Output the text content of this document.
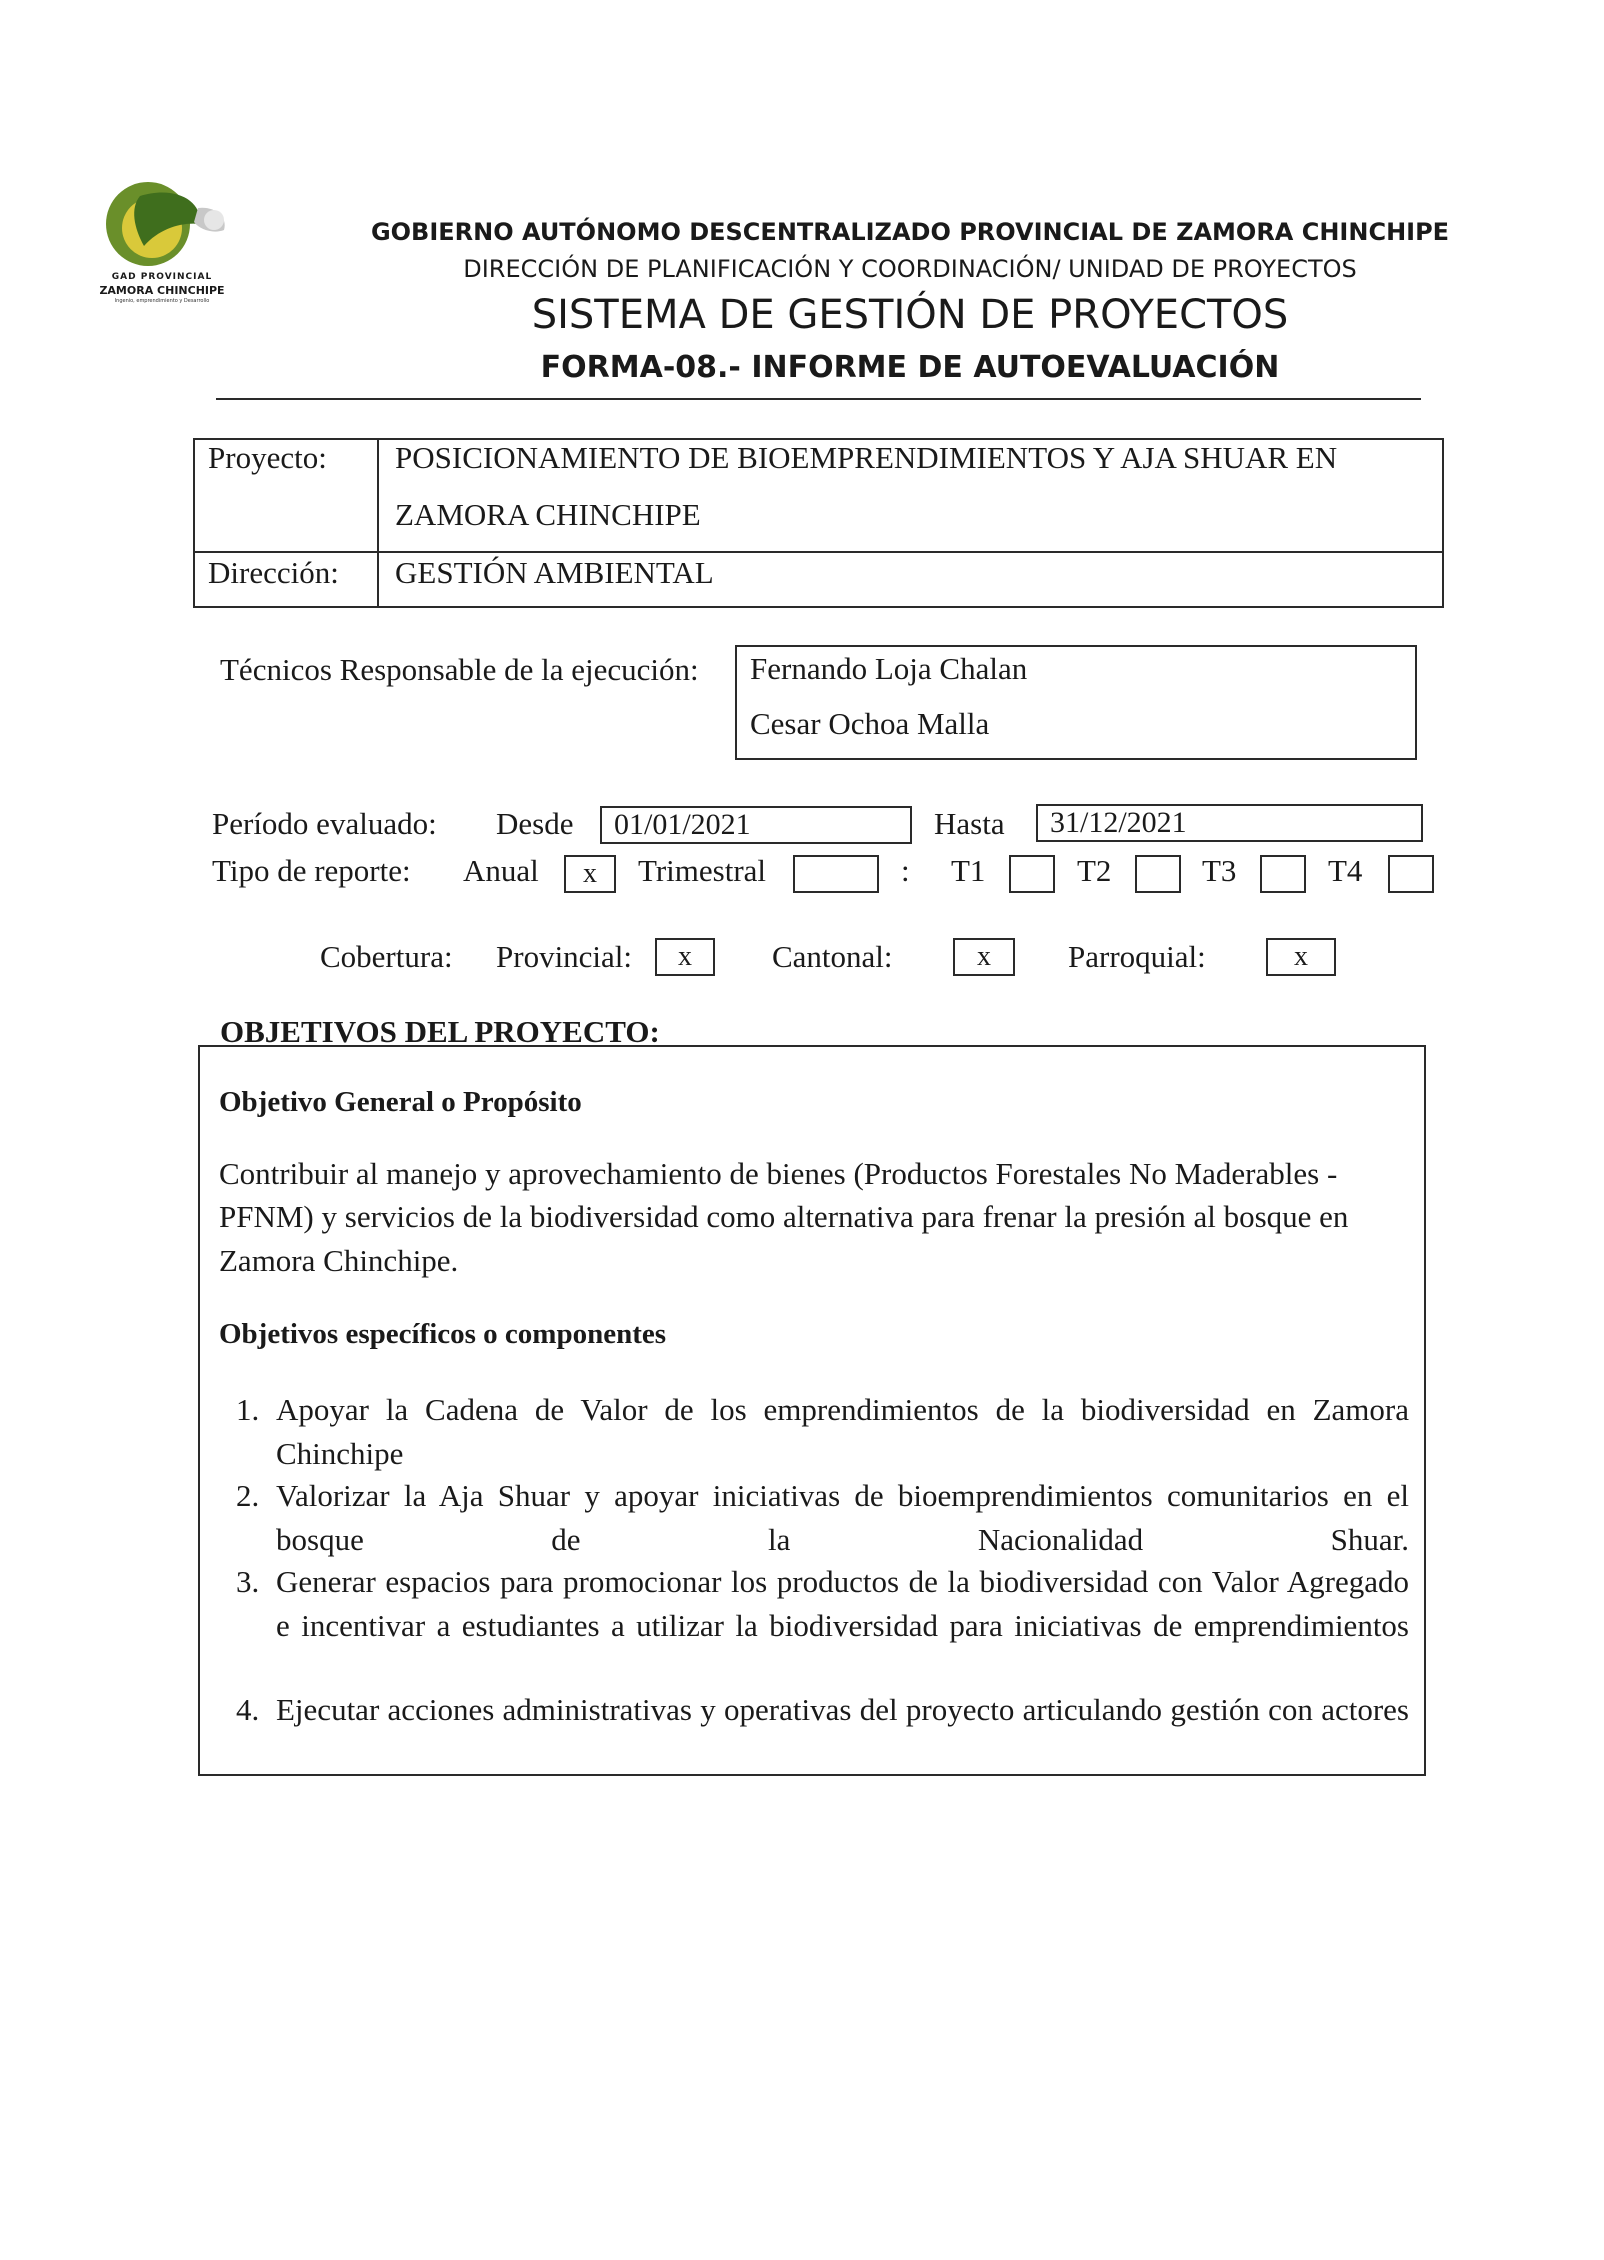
GAD PROVINCIAL
ZAMORA CHINCHIPE
Ingenio, emprendimiento y Desarrollo
GOBIERNO AUTÓNOMO DESCENTRALIZADO PROVINCIAL DE ZAMORA CHINCHIPE
DIRECCIÓN DE PLANIFICACIÓN Y COORDINACIÓN/ UNIDAD DE PROYECTOS
SISTEMA DE GESTIÓN DE PROYECTOS
FORMA-08.- INFORME DE AUTOEVALUACIÓN
Proyecto: POSICIONAMIENTO DE BIOEMPRENDIMIENTOS Y AJA SHUAR EN
ZAMORA CHINCHIPE
Dirección: GESTIÓN AMBIENTAL
Técnicos Responsable de la ejecución: Fernando Loja Chalan
Cesar Ochoa Malla
Período evaluado: Desde	01/01/2021	Hasta	31/12/2021
Tipo de reporte: Anual	x	Trimestral	: T1	T2	T3	T4
Cobertura: Provincial:	x	Cantonal:	x	Parroquial:	x
OBJETIVOS DEL PROYECTO:
Objetivo General o Propósito
Contribuir al manejo y aprovechamiento de bienes (Productos Forestales No Maderables -
PFNM) y servicios de la biodiversidad como alternativa para frenar la presión al bosque en
Zamora Chinchipe.
Objetivos específicos o componentes
1. Apoyar la Cadena de Valor de los emprendimientos de la biodiversidad en Zamora Chinchipe
2. Valorizar la Aja Shuar y apoyar iniciativas de bioemprendimientos comunitarios en el bosque de la Nacionalidad Shuar.
3. Generar espacios para promocionar los productos de la biodiversidad con Valor Agregado e incentivar a estudiantes a utilizar la biodiversidad para iniciativas de emprendimientos
4. Ejecutar acciones administrativas y operativas del proyecto articulando gestión con actores
